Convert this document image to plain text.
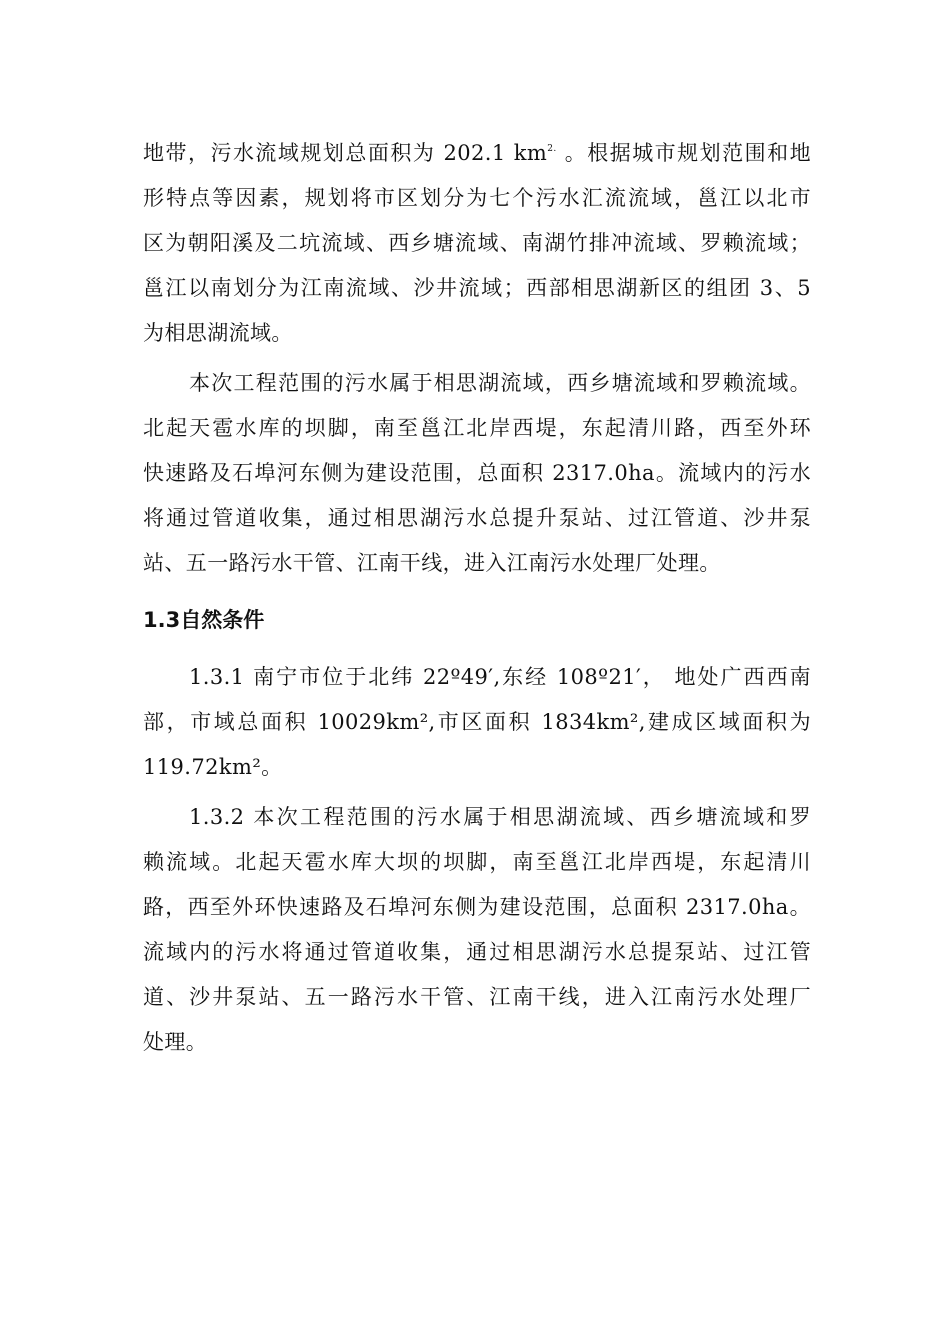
地带，污水流域规划总面积为 202.1 $km^{2.}$ 。根据城市规划范围和地
形特点等因素，规划将市区划分为七个污水汇流流域，邕江以北市
区为朝阳溪及二坑流域、西乡塘流域、南湖竹排冲流域、罗赖流域；
邕江以南划分为江南流域、沙井流域；西部相思湖新区的组团 3、5
为相思湖流域。
本次工程范围的污水属于相思湖流域，西乡塘流域和罗赖流域。
北起天雹水库的坝脚，南至邕江北岸西堤，东起清川路，西至外环
快速路及石埠河东侧为建设范围，总面积 2317.0ha。流域内的污水
将通过管道收集，通过相思湖污水总提升泵站、过江管道、沙井泵
站、五一路污水干管、江南干线，进入江南污水处理厂处理。
1.3自然条件
1.3.1 南宁市位于北纬 22º49′,东经 108º21′， 地处广西西南
部，市域总面积 10029km²,市区面积 1834km²,建成区域面积为
119.72km²。
1.3.2 本次工程范围的污水属于相思湖流域、西乡塘流域和罗
赖流域。北起天雹水库大坝的坝脚，南至邕江北岸西堤，东起清川
路，西至外环快速路及石埠河东侧为建设范围，总面积 2317.0ha。
流域内的污水将通过管道收集，通过相思湖污水总提泵站、过江管
道、沙井泵站、五一路污水干管、江南干线，进入江南污水处理厂
处理。
